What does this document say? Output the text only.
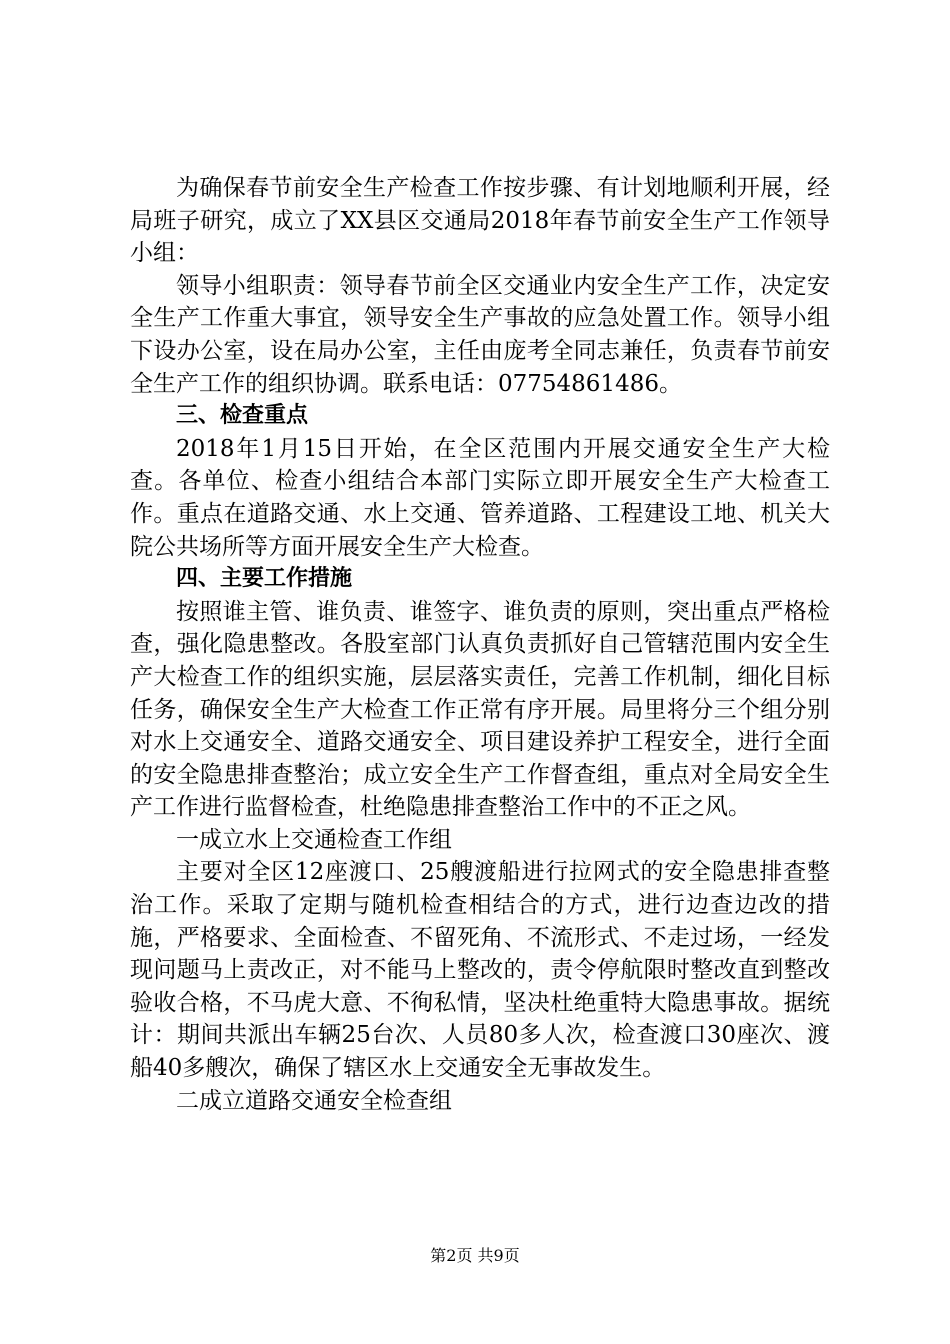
为确保春节前安全生产检查工作按步骤、有计划地顺利开展，经局班子研究，成立了XX县区交通局2018年春节前安全生产工作领导小组：

领导小组职责：领导春节前全区交通业内安全生产工作，决定安全生产工作重大事宜，领导安全生产事故的应急处置工作。领导小组下设办公室，设在局办公室，主任由庞考全同志兼任，负责春节前安全生产工作的组织协调。联系电话：07754861486。

三、检查重点

2018年1月15日开始，在全区范围内开展交通安全生产大检查。各单位、检查小组结合本部门实际立即开展安全生产大检查工作。重点在道路交通、水上交通、管养道路、工程建设工地、机关大院公共场所等方面开展安全生产大检查。

四、主要工作措施

按照谁主管、谁负责、谁签字、谁负责的原则，突出重点严格检查，强化隐患整改。各股室部门认真负责抓好自己管辖范围内安全生产大检查工作的组织实施，层层落实责任，完善工作机制，细化目标任务，确保安全生产大检查工作正常有序开展。局里将分三个组分别对水上交通安全、道路交通安全、项目建设养护工程安全，进行全面的安全隐患排查整治；成立安全生产工作督查组，重点对全局安全生产工作进行监督检查，杜绝隐患排查整治工作中的不正之风。

一成立水上交通检查工作组

主要对全区12座渡口、25艘渡船进行拉网式的安全隐患排查整治工作。采取了定期与随机检查相结合的方式，进行边查边改的措施，严格要求、全面检查、不留死角、不流形式、不走过场，一经发现问题马上责改正，对不能马上整改的，责令停航限时整改直到整改验收合格，不马虎大意、不徇私情，坚决杜绝重特大隐患事故。据统计：期间共派出车辆25台次、人员80多人次，检查渡口30座次、渡船40多艘次，确保了辖区水上交通安全无事故发生。

二成立道路交通安全检查组

第2页 共9页
